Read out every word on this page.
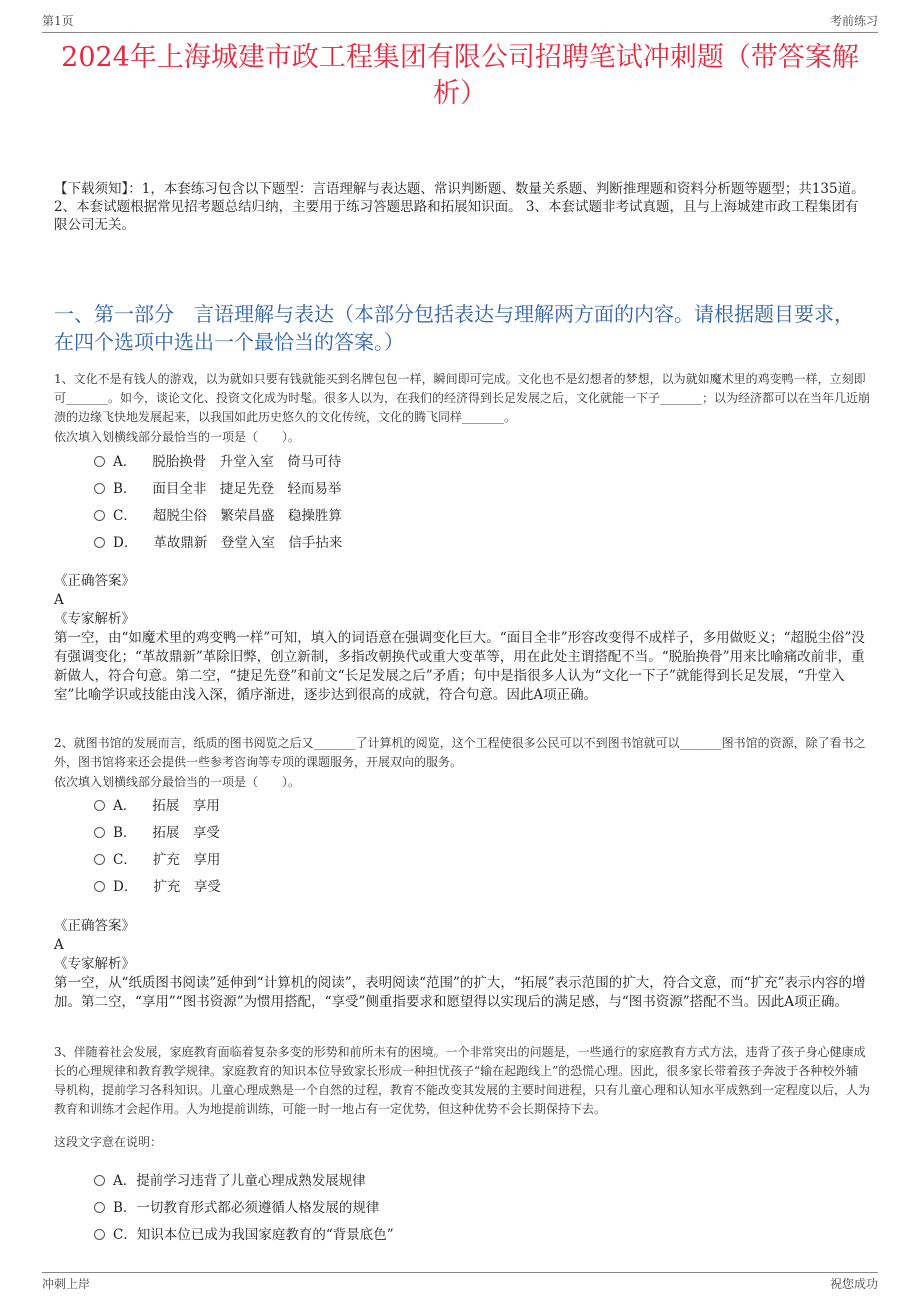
第1页	考前练习
2024年上海城建市政工程集团有限公司招聘笔试冲刺题（带答案解析）
【下载须知】：1，本套练习包含以下题型：言语理解与表达题、常识判断题、数量关系题、判断推理题和资料分析题等题型；共135道。 2、本套试题根据常见招考题总结归纳，主要用于练习答题思路和拓展知识面。 3、本套试题非考试真题，且与上海城建市政工程集团有限公司无关。
一、第一部分　言语理解与表达（本部分包括表达与理解两方面的内容。请根据题目要求，在四个选项中选出一个最恰当的答案。）
1、文化不是有钱人的游戏，以为就如只要有钱就能买到名牌包包一样，瞬间即可完成。文化也不是幻想者的梦想，以为就如魔术里的鸡变鸭一样，立刻即可_______。如今，谈论文化、投资文化成为时髦。很多人以为，在我们的经济得到长足发展之后，文化就能一下子_______；以为经济都可以在当年几近崩溃的边缘飞快地发展起来，以我国如此历史悠久的文化传统，文化的腾飞同样_______。
依次填入划横线部分最恰当的一项是（　　）。
A． 脱胎换骨　升堂入室　倚马可待
B． 面目全非　捷足先登　轻而易举
C． 超脱尘俗　繁荣昌盛　稳操胜算
D． 革故鼎新　登堂入室　信手拈来
《正确答案》
A
《专家解析》
第一空，由“如魔术里的鸡变鸭一样”可知，填入的词语意在强调变化巨大。“面目全非”形容改变得不成样子，多用做贬义；“超脱尘俗”没有强调变化；“革故鼎新”革除旧弊，创立新制，多指改朝换代或重大变革等，用在此处主谓搭配不当。“脱胎换骨”用来比喻痛改前非，重新做人，符合句意。第二空，“捷足先登”和前文“长足发展之后”矛盾；句中是指很多人认为“文化一下子”就能得到长足发展，“升堂入室”比喻学识或技能由浅入深，循序渐进，逐步达到很高的成就，符合句意。因此A项正确。
2、就图书馆的发展而言，纸质的图书阅览之后又_______了计算机的阅览，这个工程使很多公民可以不到图书馆就可以_______图书馆的资源，除了看书之外，图书馆将来还会提供一些参考咨询等专项的课题服务，开展双向的服务。
依次填入划横线部分最恰当的一项是（　　）。
A． 拓展　享用
B． 拓展　享受
C． 扩充　享用
D． 扩充　享受
《正确答案》
A
《专家解析》
第一空，从“纸质图书阅读”延伸到“计算机的阅读”，表明阅读“范围”的扩大，“拓展”表示范围的扩大，符合文意，而“扩充”表示内容的增加。第二空，“享用”“图书资源”为惯用搭配，“享受”侧重指要求和愿望得以实现后的满足感，与“图书资源”搭配不当。因此A项正确。
3、伴随着社会发展，家庭教育面临着复杂多变的形势和前所未有的困境。一个非常突出的问题是，一些通行的家庭教育方式方法，违背了孩子身心健康成长的心理规律和教育教学规律。家庭教育的知识本位导致家长形成一种担忧孩子“输在起跑线上”的恐慌心理。因此，很多家长带着孩子奔波于各种校外辅导机构，提前学习各科知识。儿童心理成熟是一个自然的过程，教育不能改变其发展的主要时间进程，只有儿童心理和认知水平成熟到一定程度以后，人为教育和训练才会起作用。人为地提前训练，可能一时一地占有一定优势，但这种优势不会长期保持下去。
这段文字意在说明：
A． 提前学习违背了儿童心理成熟发展规律
B． 一切教育形式都必须遵循人格发展的规律
C． 知识本位已成为我国家庭教育的“背景底色”
冲刺上岸	祝您成功
